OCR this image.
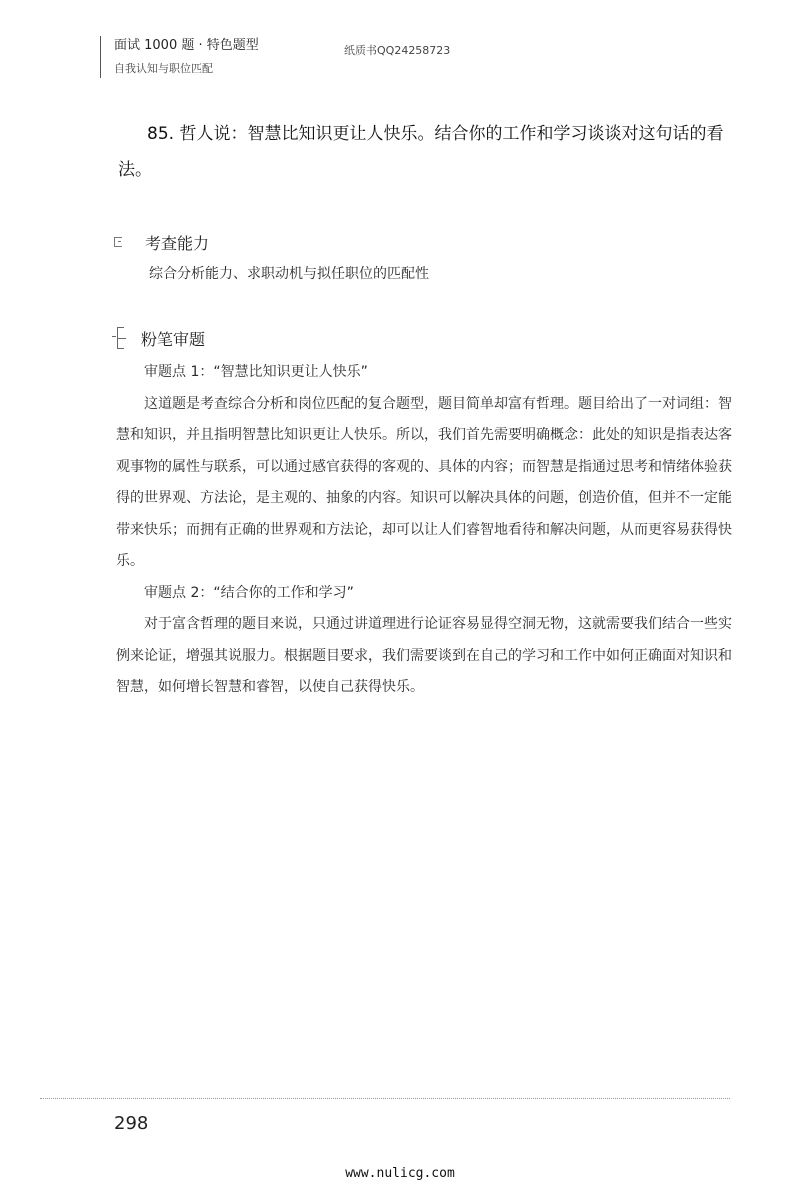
面试 1000 题 · 特色题型
自我认知与职位匹配
纸质书QQ24258723
85. 哲人说：智慧比知识更让人快乐。结合你的工作和学习谈谈对这句话的看法。
考查能力
综合分析能力、求职动机与拟任职位的匹配性
粉笔审题

审题点 1：“智慧比知识更让人快乐”

这道题是考查综合分析和岗位匹配的复合题型，题目简单却富有哲理。题目给出了一对词组：智慧和知识，并且指明智慧比知识更让人快乐。所以，我们首先需要明确概念：此处的知识是指表达客观事物的属性与联系，可以通过感官获得的客观的、具体的内容；而智慧是指通过思考和情绪体验获得的世界观、方法论，是主观的、抽象的内容。知识可以解决具体的问题，创造价值，但并不一定能带来快乐；而拥有正确的世界观和方法论，却可以让人们睿智地看待和解决问题，从而更容易获得快乐。

审题点 2：“结合你的工作和学习”

对于富含哲理的题目来说，只通过讲道理进行论证容易显得空洞无物，这就需要我们结合一些实例来论证，增强其说服力。根据题目要求，我们需要谈到在自己的学习和工作中如何正确面对知识和智慧，如何增长智慧和睿智，以使自己获得快乐。

298
www.nulicg.com
